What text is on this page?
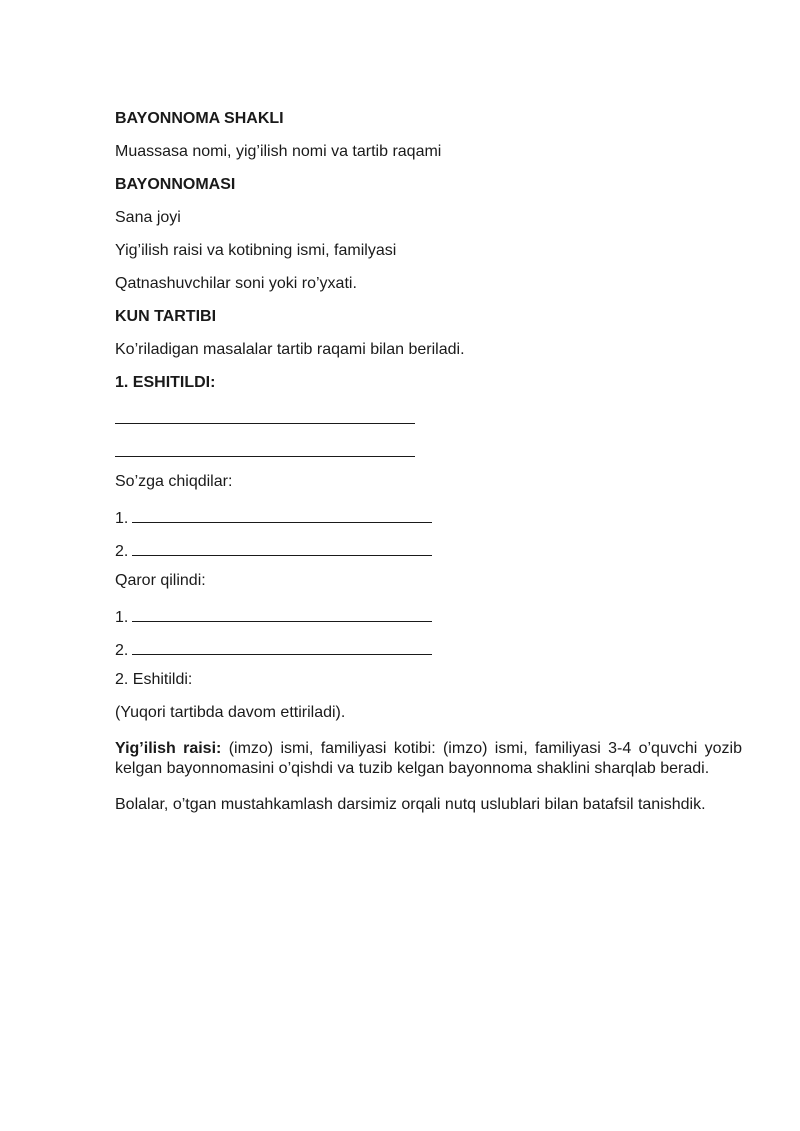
BAYONNOMA SHAKLI

Muassasa nomi, yig’ilish nomi va tartib raqami

BAYONNOMASI

Sana joyi

Yig’ilish raisi va kotibning ismi, familyasi

Qatnashuvchilar soni yoki ro’yxati.

KUN TARTIBI

Ko’riladigan masalalar tartib raqami bilan beriladi.

1. ESHITILDI:

So’zga chiqdilar:

1.

2.

Qaror qilindi:

1.

2.

2. Eshitildi:

(Yuqori tartibda davom ettiriladi).

Yig’ilish raisi: (imzo) ismi, familiyasi kotibi: (imzo) ismi, familiyasi 3-4 o’quvchi yozib kelgan bayonnomasini o’qishdi va tuzib kelgan bayonnoma shaklini sharqlab beradi.

Bolalar, o’tgan mustahkamlash darsimiz orqali nutq uslublari bilan batafsil tanishdik.
